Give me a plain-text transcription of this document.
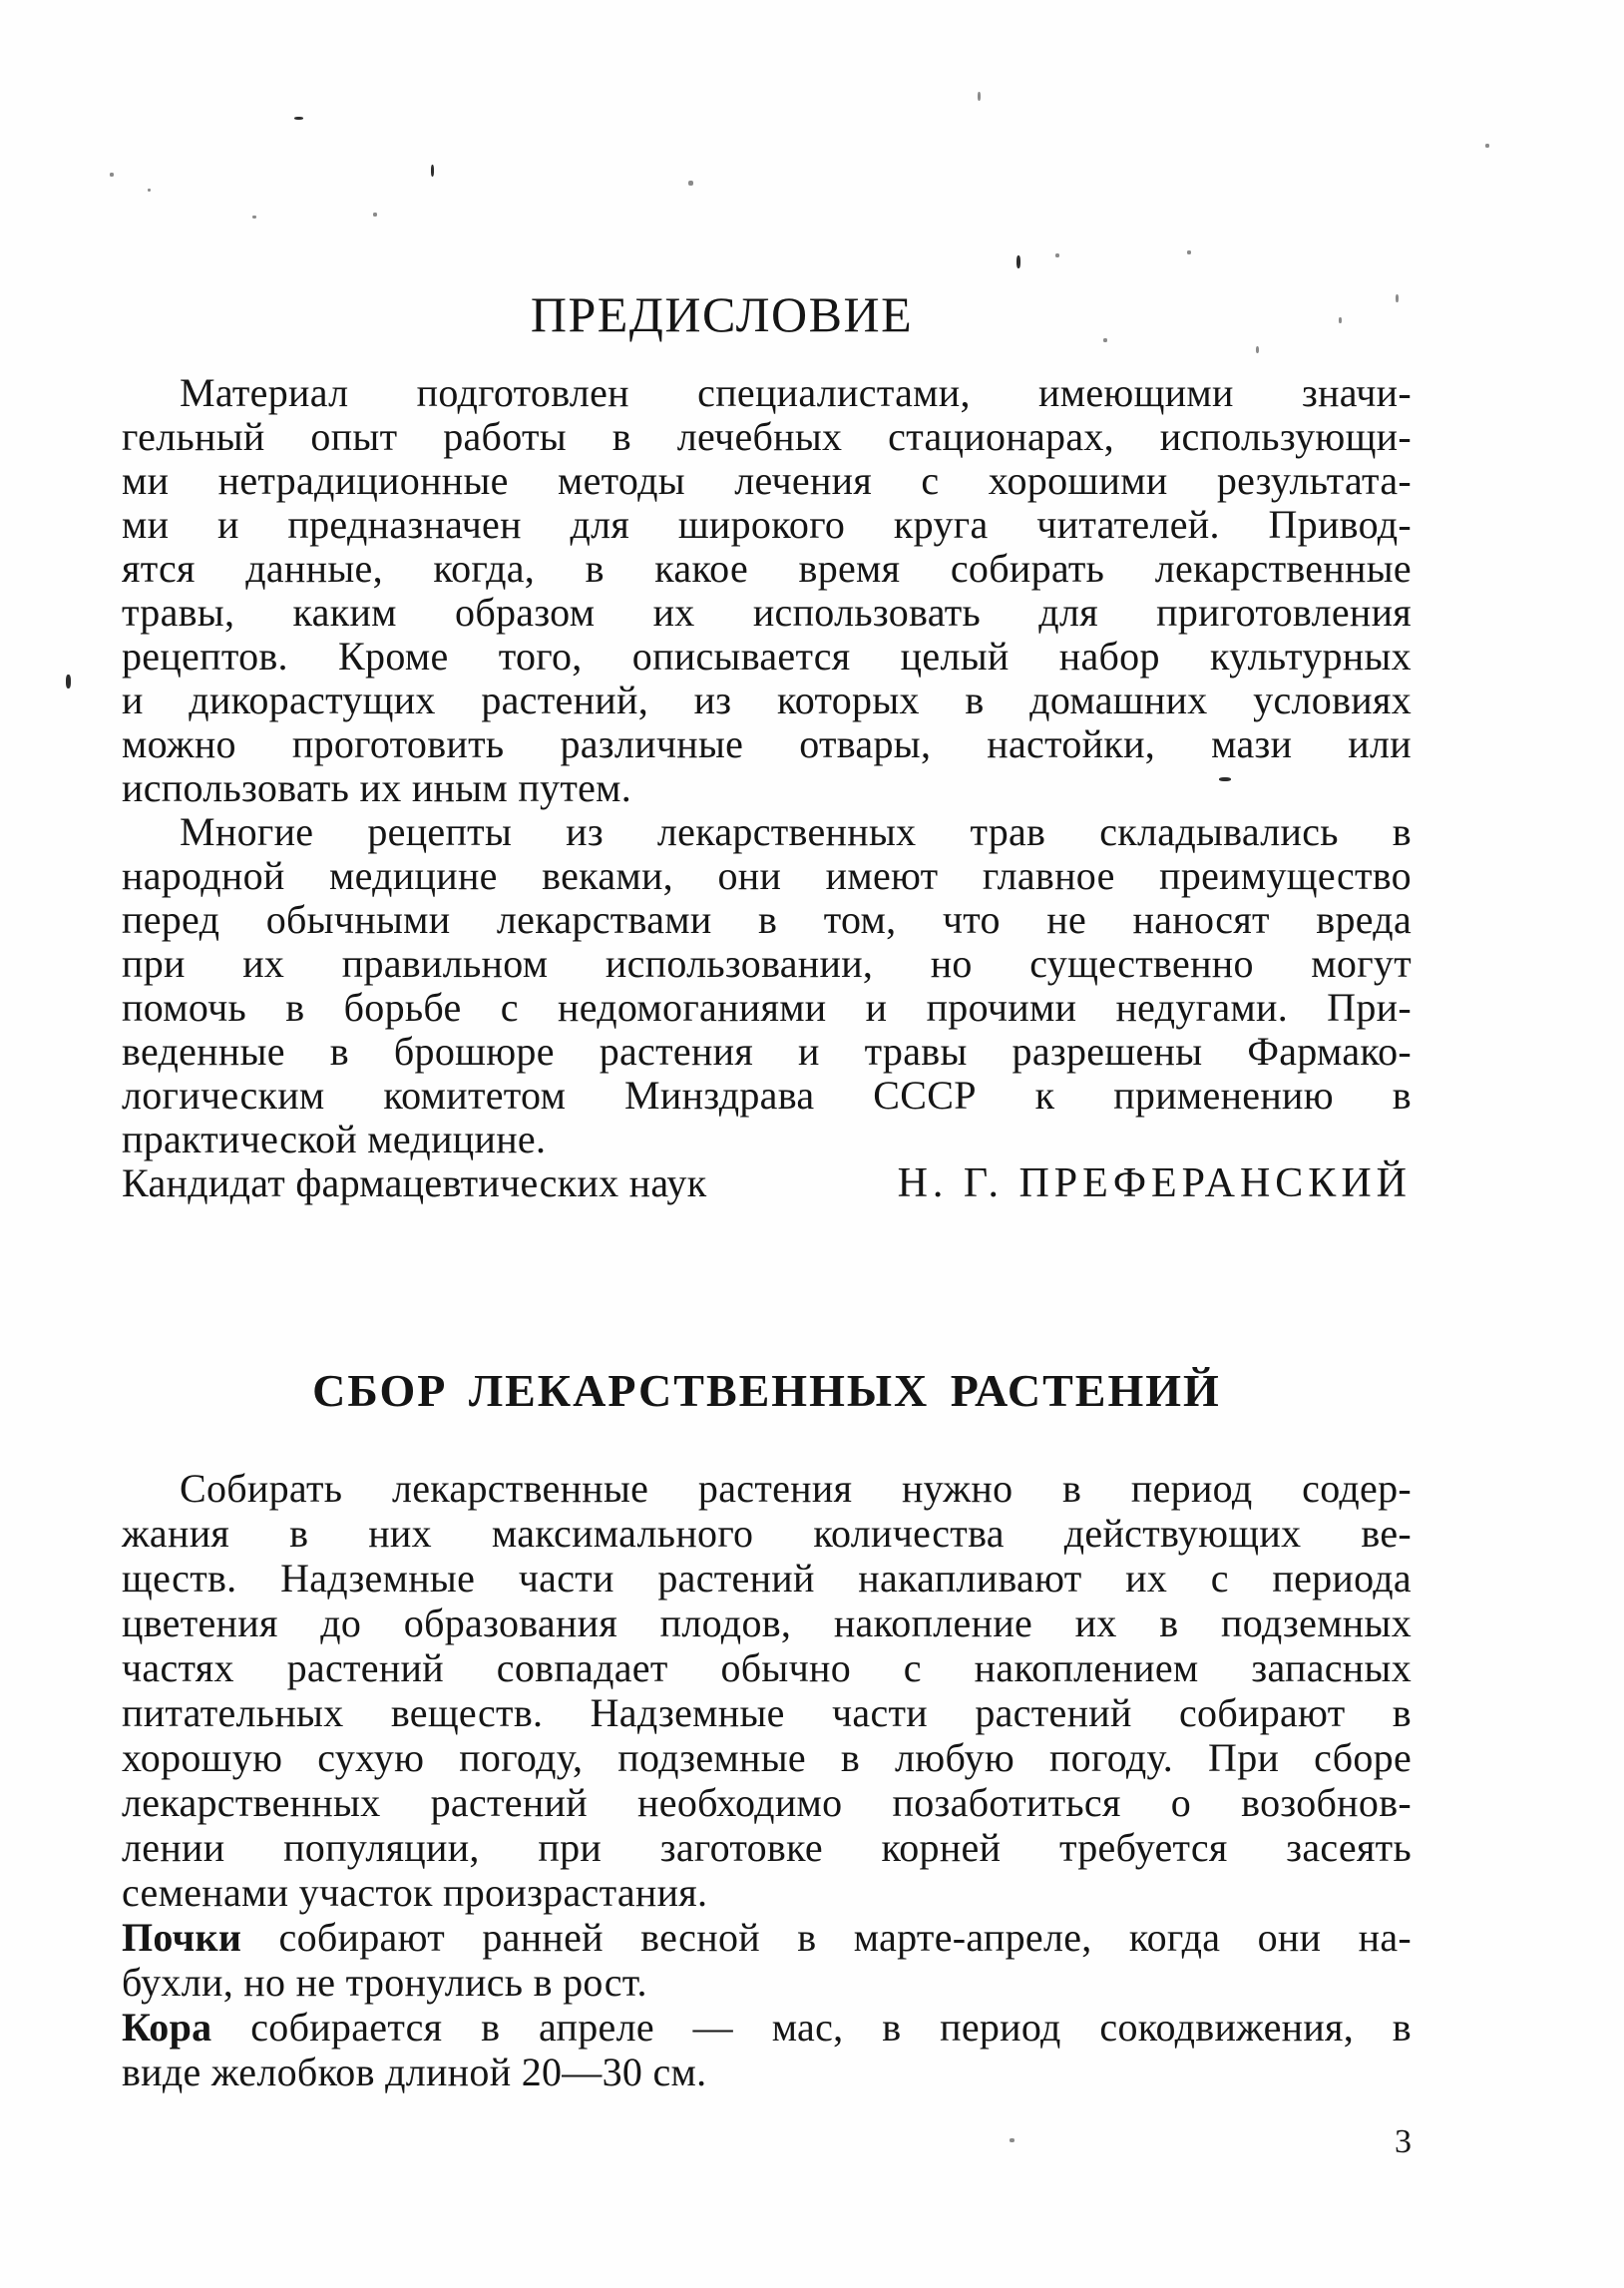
ПРЕДИСЛОВИЕ
Материал подготовлен специалистами, имеющими значи-
гельный опыт работы в лечебных стационарах, использующи-
ми нетрадиционные методы лечения с хорошими результата-
ми и предназначен для широкого круга читателей. Привод-
ятся данные, когда, в какое время собирать лекарственные
травы, каким образом их использовать для приготовления
рецептов. Кроме того, описывается целый набор культурных
и дикорастущих растений, из которых в домашних условиях
можно проготовить различные отвары, настойки, мази или
использовать их иным путем.
Многие рецепты из лекарственных трав складывались в
народной медицине веками, они имеют главное преимущество
перед обычными лекарствами в том, что не наносят вреда
при их правильном использовании, но существенно могут
помочь в борьбе с недомоганиями и прочими недугами. При-
веденные в брошюре растения и травы разрешены Фармако-
логическим комитетом Минздрава СССР к применению в
практической медицине.
Кандидат фармацевтических наук	Н. Г. ПРЕФЕРАНСКИЙ
СБОР ЛЕКАРСТВЕННЫХ РАСТЕНИЙ
Собирать лекарственные растения нужно в период содер-
жания в них максимального количества действующих ве-
ществ. Надземные части растений накапливают их с периода
цветения до образования плодов, накопление их в подземных
частях растений совпадает обычно с накоплением запасных
питательных веществ. Надземные части растений собирают в
хорошую сухую погоду, подземные в любую погоду. При сборе
лекарственных растений необходимо позаботиться о возобнов-
лении популяции, при заготовке корней требуется засеять
семенами участок произрастания.
Почки собирают ранней весной в марте-апреле, когда они на-
бухли, но не тронулись в рост.
Кора собирается в апреле — мас, в период сокодвижения, в
виде желобков длиной 20—30 см.
3
